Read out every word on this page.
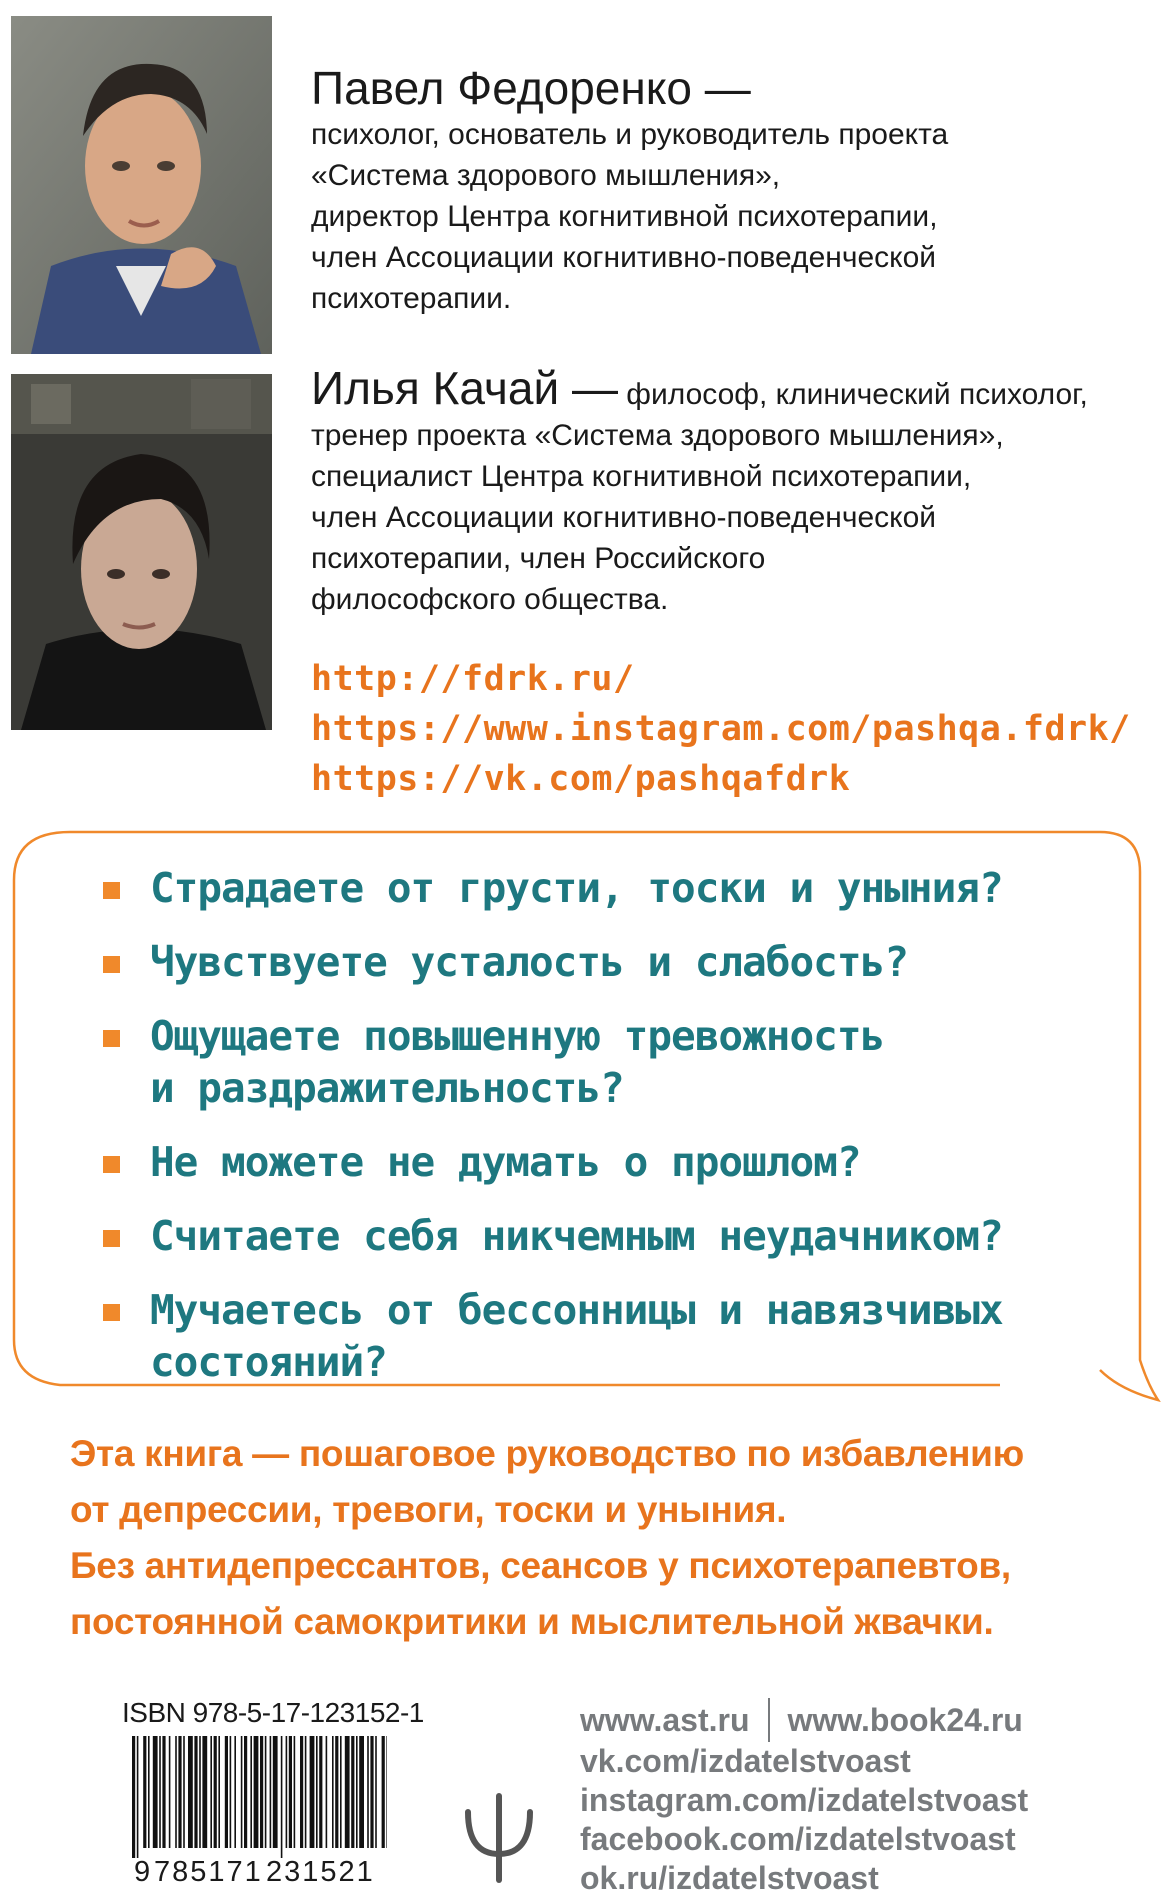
Павел Федоренко —
психолог, основатель и руководитель проекта
«Система здорового мышления»,
директор Центра когнитивной психотерапии,
член Ассоциации когнитивно-поведенческой
психотерапии.
Илья Качай — философ, клинический психолог,
тренер проекта «Система здорового мышления»,
специалист Центра когнитивной психотерапии,
член Ассоциации когнитивно-поведенческой
психотерапии, член Российского
философского общества.
http://fdrk.ru/
https://www.instagram.com/pashqa.fdrk/
https://vk.com/pashqafdrk
Страдаете от грусти, тоски и уныния?
Чувствуете усталость и слабость?
Ощущаете повышенную тревожность
и раздражительность?
Не можете не думать о прошлом?
Считаете себя никчемным неудачником?
Мучаетесь от бессонницы и навязчивых
состояний?
Эта книга — пошаговое руководство по избавлению
от депрессии, тревоги, тоски и уныния.
Без антидепрессантов, сеансов у психотерапевтов,
постоянной самокритики и мыслительной жвачки.
ISBN 978-5-17-123152-1
9 785171 231521
www.ast.ru www.book24.ru
vk.com/izdatelstvoast
instagram.com/izdatelstvoast
facebook.com/izdatelstvoast
ok.ru/izdatelstvoast
